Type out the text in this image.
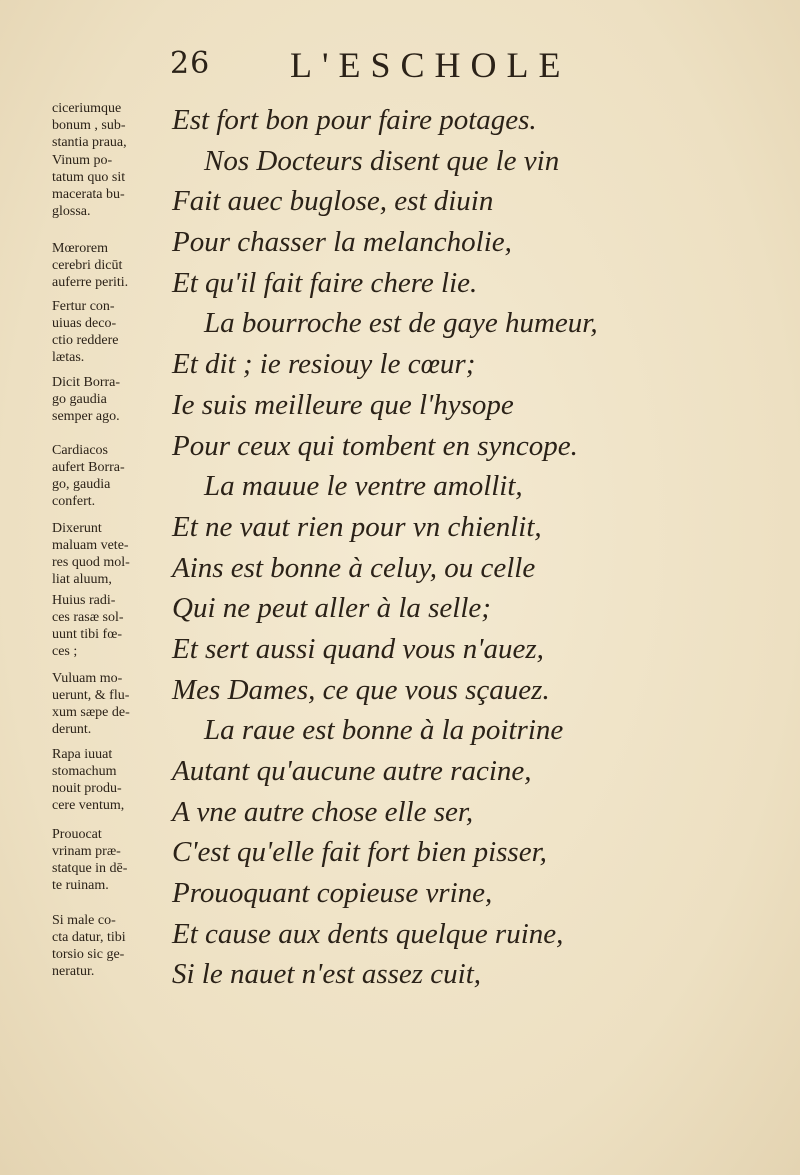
26 L'ESCHOLE

ciceriumque
bonum , sub-
stantia praua,

Vinum po-
tatum quo sit
macerata bu-
glossa.

Mœrorem
cerebri dicūt
auferre periti.

Fertur con-
uiuas deco-
ctio reddere
lætas.

Dicit Borra-
go gaudia
semper ago.

Cardiacos
aufert Borra-
go, gaudia
confert.

Dixerunt
maluam vete-
res quod mol-
liat aluum,

Huius radi-
ces rasæ sol-
uunt tibi fœ-
ces ;

Vuluam mo-
uerunt, & flu-
xum sæpe de-
derunt.

Rapa iuuat
stomachum
nouit produ-
cere ventum,

Prouocat
vrinam præ-
statque in dē-
te ruinam.

Si male co-
cta datur, tibi
torsio sic ge-
neratur.

Est fort bon pour faire potages.

Nos Docteurs disent que le vin

Fait auec buglose, est diuin

Pour chasser la melancholie,

Et qu'il fait faire chere lie.

La bourroche est de gaye humeur,

Et dit ; ie resiouy le cœur;

Ie suis meilleure que l'hysope

Pour ceux qui tombent en syncope.

La mauue le ventre amollit,

Et ne vaut rien pour vn chienlit,

Ains est bonne à celuy, ou celle

Qui ne peut aller à la selle;

Et sert aussi quand vous n'auez,

Mes Dames, ce que vous sçauez.

La raue est bonne à la poitrine

Autant qu'aucune autre racine,

A vne autre chose elle ser,

C'est qu'elle fait fort bien pisser,

Prouoquant copieuse vrine,

Et cause aux dents quelque ruine,

Si le nauet n'est assez cuit,
